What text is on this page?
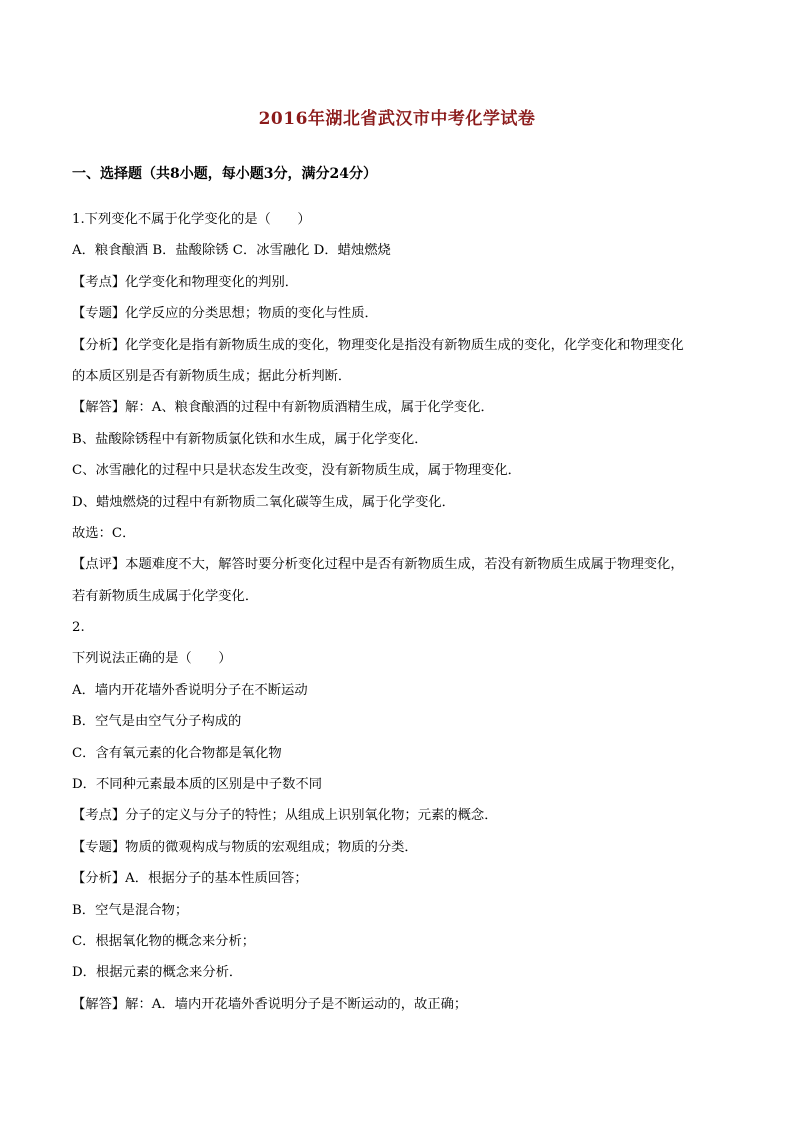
2016年湖北省武汉市中考化学试卷
一、选择题（共8小题，每小题3分，满分24分）
1.下列变化不属于化学变化的是（　　）
A．粮食酿酒 B．盐酸除锈 C．冰雪融化 D．蜡烛燃烧
【考点】化学变化和物理变化的判别．
【专题】化学反应的分类思想；物质的变化与性质．
【分析】化学变化是指有新物质生成的变化，物理变化是指没有新物质生成的变化，化学变化和物理变化
的本质区别是否有新物质生成；据此分析判断．
【解答】解：A、粮食酿酒的过程中有新物质酒精生成，属于化学变化．
B、盐酸除锈程中有新物质氯化铁和水生成，属于化学变化．
C、冰雪融化的过程中只是状态发生改变，没有新物质生成，属于物理变化．
D、蜡烛燃烧的过程中有新物质二氧化碳等生成，属于化学变化．
故选：C．
【点评】本题难度不大，解答时要分析变化过程中是否有新物质生成，若没有新物质生成属于物理变化，
若有新物质生成属于化学变化．
2.
下列说法正确的是（　　）
A．墙内开花墙外香说明分子在不断运动
B．空气是由空气分子构成的
C．含有氧元素的化合物都是氧化物
D．不同种元素最本质的区别是中子数不同
【考点】分子的定义与分子的特性；从组成上识别氧化物；元素的概念．
【专题】物质的微观构成与物质的宏观组成；物质的分类．
【分析】A．根据分子的基本性质回答；
B．空气是混合物；
C．根据氧化物的概念来分析；
D．根据元素的概念来分析．
【解答】解：A．墙内开花墙外香说明分子是不断运动的，故正确；
